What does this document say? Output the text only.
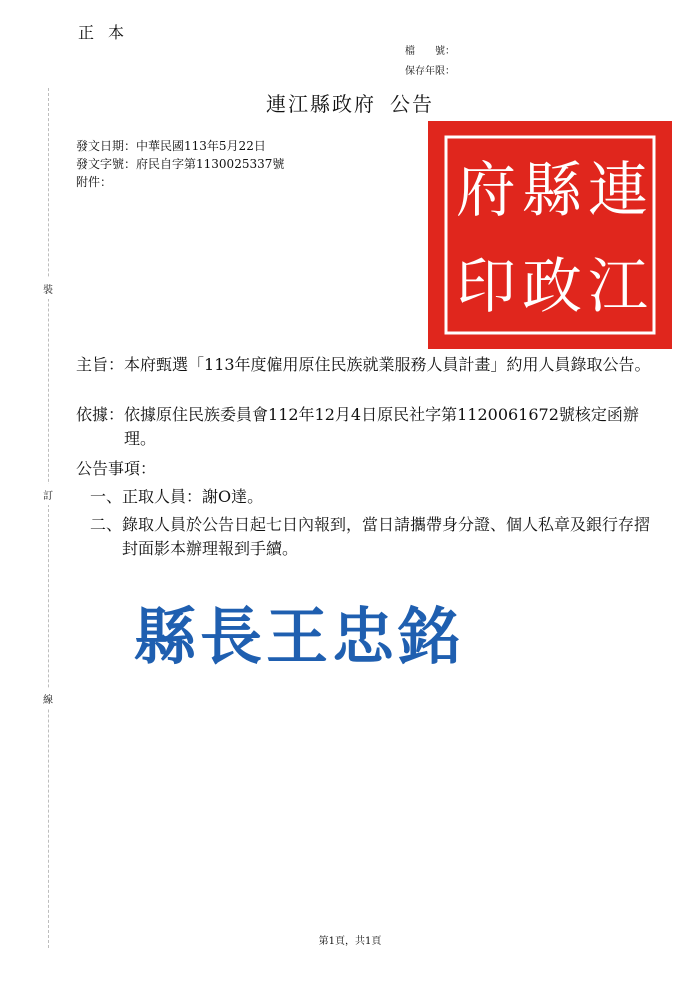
正本
檔　　號：
保存年限：
連江縣政府 公告
發文日期：中華民國113年5月22日
發文字號：府民自字第1130025337號
附件：
裝
訂
線
連
江
縣
政
府
印
主旨： 本府甄選「113年度僱用原住民族就業服務人員計畫」約用人員錄取公告。
依據： 依據原住民族委員會112年12月4日原民社字第1120061672號核定函辦理。
公告事項：
一、 正取人員：謝O達。
二、 錄取人員於公告日起七日內報到，當日請攜帶身分證、個人私章及銀行存摺封面影本辦理報到手續。
縣長王忠銘
第1頁，共1頁
